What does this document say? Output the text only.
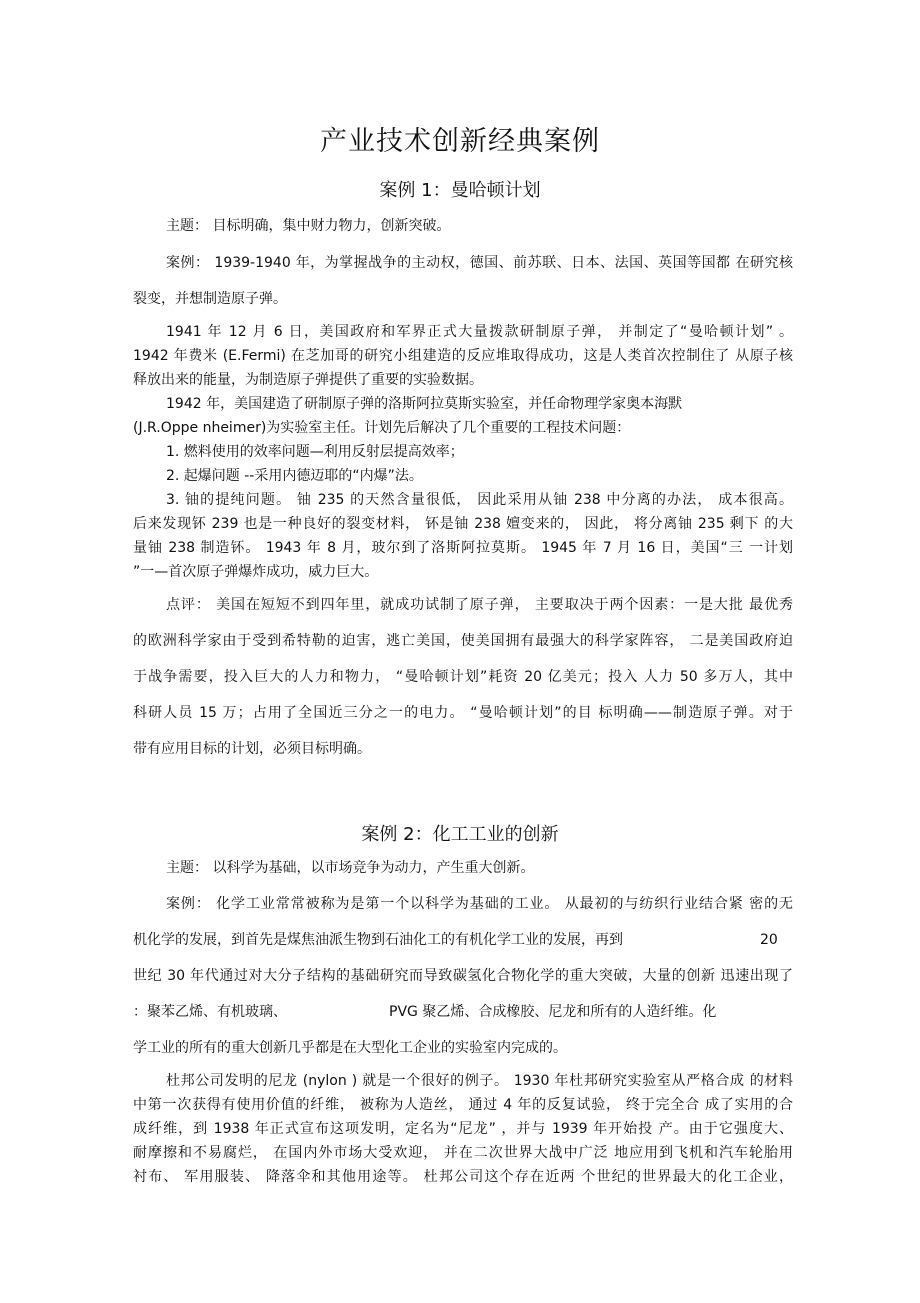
产业技术创新经典案例
案例 1：曼哈顿计划
主题： 目标明确，集中财力物力，创新突破。
案例： 1939-1940 年，为掌握战争的主动权，德国、前苏联、日本、法国、英国等国都 在研究核
裂变，并想制造原子弹。
1941 年 12 月 6 日，美国政府和军界正式大量拨款研制原子弹， 并制定了“曼哈顿计划” 。
1942 年费米 (E.Fermi) 在芝加哥的研究小组建造的反应堆取得成功，这是人类首次控制住了 从原子核
释放出来的能量，为制造原子弹提供了重要的实验数据。
1942 年，美国建造了研制原子弹的洛斯阿拉莫斯实验室，并任命物理学家奥本海默
(J.R.Oppe nheimer)为实验室主任。计划先后解决了几个重要的工程技术问题：
1. 燃料使用的效率问题—利用反射层提高效率；
2. 起爆问题 --采用内德迈耶的“内爆”法。
3. 铀的提纯问题。 铀 235 的天然含量很低， 因此采用从铀 238 中分离的办法， 成本很高。
后来发现钚 239 也是一种良好的裂变材料， 钚是铀 238 嬗变来的， 因此， 将分离铀 235 剩下 的大
量铀 238 制造钚。 1943 年 8 月，玻尔到了洛斯阿拉莫斯。 1945 年 7 月 16 日，美国“三 一计划
”一—首次原子弹爆炸成功，威力巨大。
点评： 美国在短短不到四年里，就成功试制了原子弹， 主要取决于两个因素：一是大批 最优秀
的欧洲科学家由于受到希特勒的迫害，逃亡美国，使美国拥有最强大的科学家阵容， 二是美国政府迫
于战争需要，投入巨大的人力和物力， “曼哈顿计划”耗资 20 亿美元；投入 人力 50 多万人，其中
科研人员 15 万；占用了全国近三分之一的电力。 “曼哈顿计划”的目 标明确——制造原子弹。对于
带有应用目标的计划，必须目标明确。
案例 2：化工工业的创新
主题： 以科学为基础，以市场竞争为动力，产生重大创新。
案例： 化学工业常常被称为是第一个以科学为基础的工业。 从最初的与纺织行业结合紧 密的无
机化学的发展，到首先是煤焦油派生物到石油化工的有机化学工业的发展，再到	20
世纪 30 年代通过对大分子结构的基础研究而导致碳氢化合物化学的重大突破，大量的创新 迅速出现了
：聚苯乙烯、有机玻璃、	PVG 聚乙烯、合成橡胶、尼龙和所有的人造纤维。化
学工业的所有的重大创新几乎都是在大型化工企业的实验室内完成的。
杜邦公司发明的尼龙 (nylon ) 就是一个很好的例子。 1930 年杜邦研究实验室从严格合成 的材料
中第一次获得有使用价值的纤维， 被称为人造丝， 通过 4 年的反复试验， 终于完全合 成了实用的合
成纤维，到 1938 年正式宣布这项发明，定名为“尼龙” ，并与 1939 年开始投 产。由于它强度大、
耐摩擦和不易腐烂， 在国内外市场大受欢迎， 并在二次世界大战中广泛 地应用到飞机和汽车轮胎用
衬布、 军用服装、 降落伞和其他用途等。 杜邦公司这个存在近两 个世纪的世界最大的化工企业，
